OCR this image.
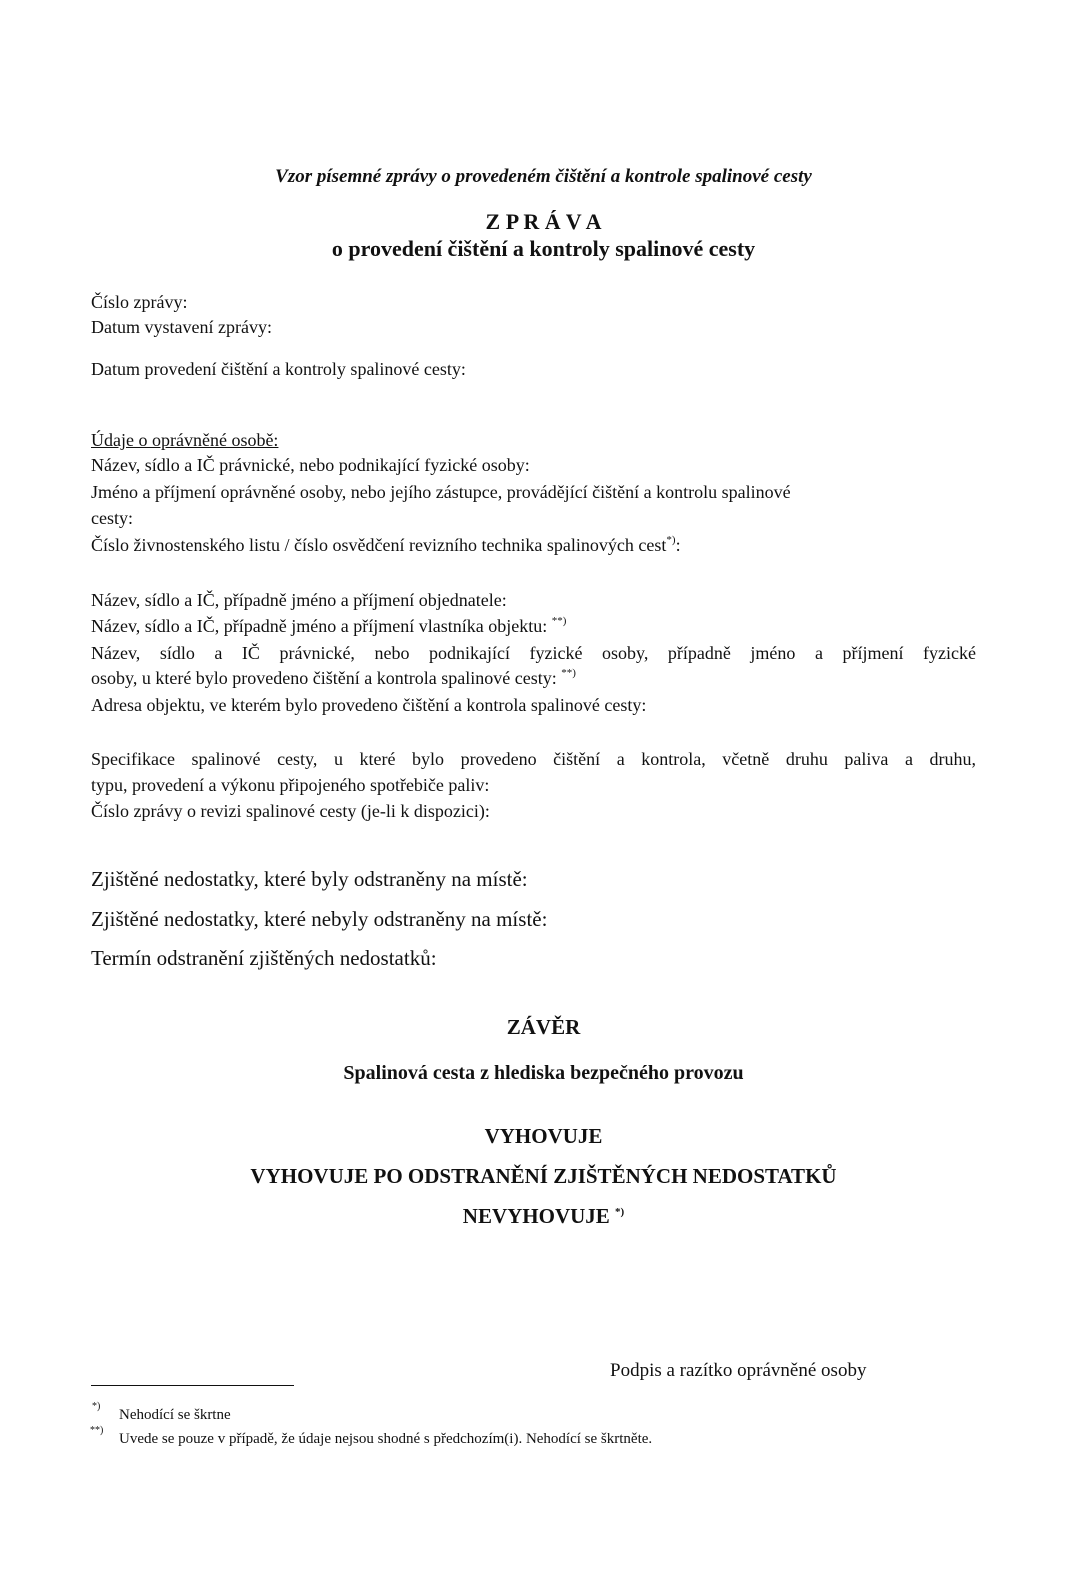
Vzor písemné zprávy o provedeném čištění a kontrole spalinové cesty
Z P R Á V A
o provedení čištění a kontroly spalinové cesty
Číslo zprávy:
Datum vystavení zprávy:
Datum provedení čištění a kontroly spalinové cesty:
Údaje o oprávněné osobě:
Název, sídlo a IČ právnické, nebo podnikající fyzické osoby:
Jméno a příjmení oprávněné osoby, nebo jejího zástupce, provádějící čištění a kontrolu spalinové
cesty:
Číslo živnostenského listu / číslo osvědčení revizního technika spalinových cest*):
Název, sídlo a IČ, případně jméno a příjmení objednatele:
Název, sídlo a IČ, případně jméno a příjmení vlastníka objektu: **)
Název, sídlo a IČ právnické, nebo podnikající fyzické osoby, případně jméno a příjmení fyzické
osoby, u které bylo provedeno čištění a kontrola spalinové cesty: **)
Adresa objektu, ve kterém bylo provedeno čištění a kontrola spalinové cesty:
Specifikace spalinové cesty, u které bylo provedeno čištění a kontrola, včetně druhu paliva a druhu,
typu, provedení a výkonu připojeného spotřebiče paliv:
Číslo zprávy o revizi spalinové cesty (je-li k dispozici):
Zjištěné nedostatky, které byly odstraněny na místě:
Zjištěné nedostatky, které nebyly odstraněny na místě:
Termín odstranění zjištěných nedostatků:
ZÁVĚR
Spalinová cesta z hlediska bezpečného provozu
VYHOVUJE
VYHOVUJE PO ODSTRANĚNÍ ZJIŠTĚNÝCH NEDOSTATKŮ
NEVYHOVUJE *)
Podpis a razítko oprávněné osoby
*)
Nehodící se škrtne
**)
Uvede se pouze v případě, že údaje nejsou shodné s předchozím(i). Nehodící se škrtněte.
